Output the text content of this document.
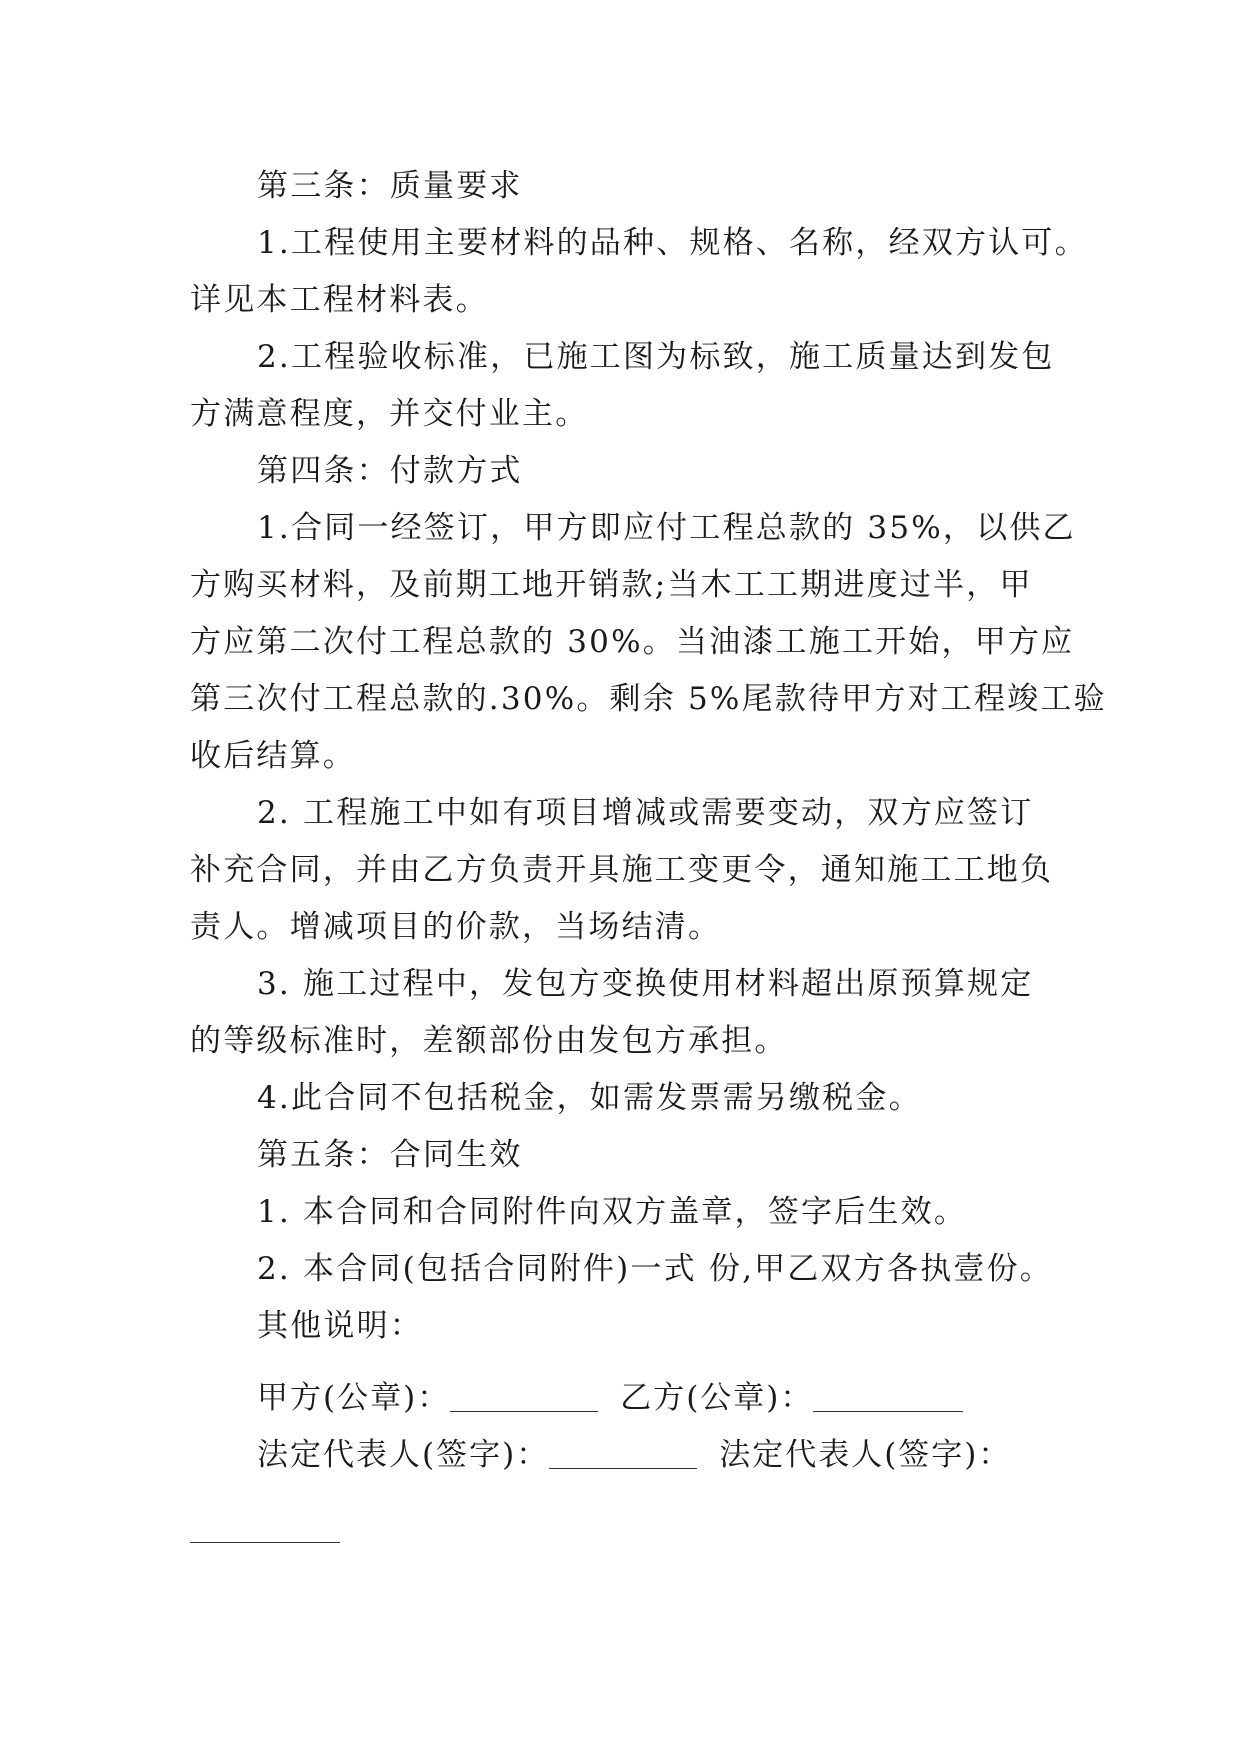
第三条：质量要求
1.工程使用主要材料的品种、规格、名称，经双方认可。
详见本工程材料表。
2.工程验收标准，已施工图为标致，施工质量达到发包
方满意程度，并交付业主。
第四条：付款方式
1.合同一经签订，甲方即应付工程总款的 35%，以供乙
方购买材料，及前期工地开销款;当木工工期进度过半，甲
方应第二次付工程总款的 30%。当油漆工施工开始，甲方应
第三次付工程总款的.30%。剩余 5%尾款待甲方对工程竣工验
收后结算。
2. 工程施工中如有项目增减或需要变动，双方应签订
补充合同，并由乙方负责开具施工变更令，通知施工工地负
责人。增减项目的价款，当场结清。
3. 施工过程中，发包方变换使用材料超出原预算规定
的等级标准时，差额部份由发包方承担。
4.此合同不包括税金，如需发票需另缴税金。
第五条：合同生效
1. 本合同和合同附件向双方盖章，签字后生效。
2. 本合同(包括合同附件)一式 份,甲乙双方各执壹份。
其他说明：
甲方(公章)：	乙方(公章)：
法定代表人(签字)：	法定代表人(签字)：
